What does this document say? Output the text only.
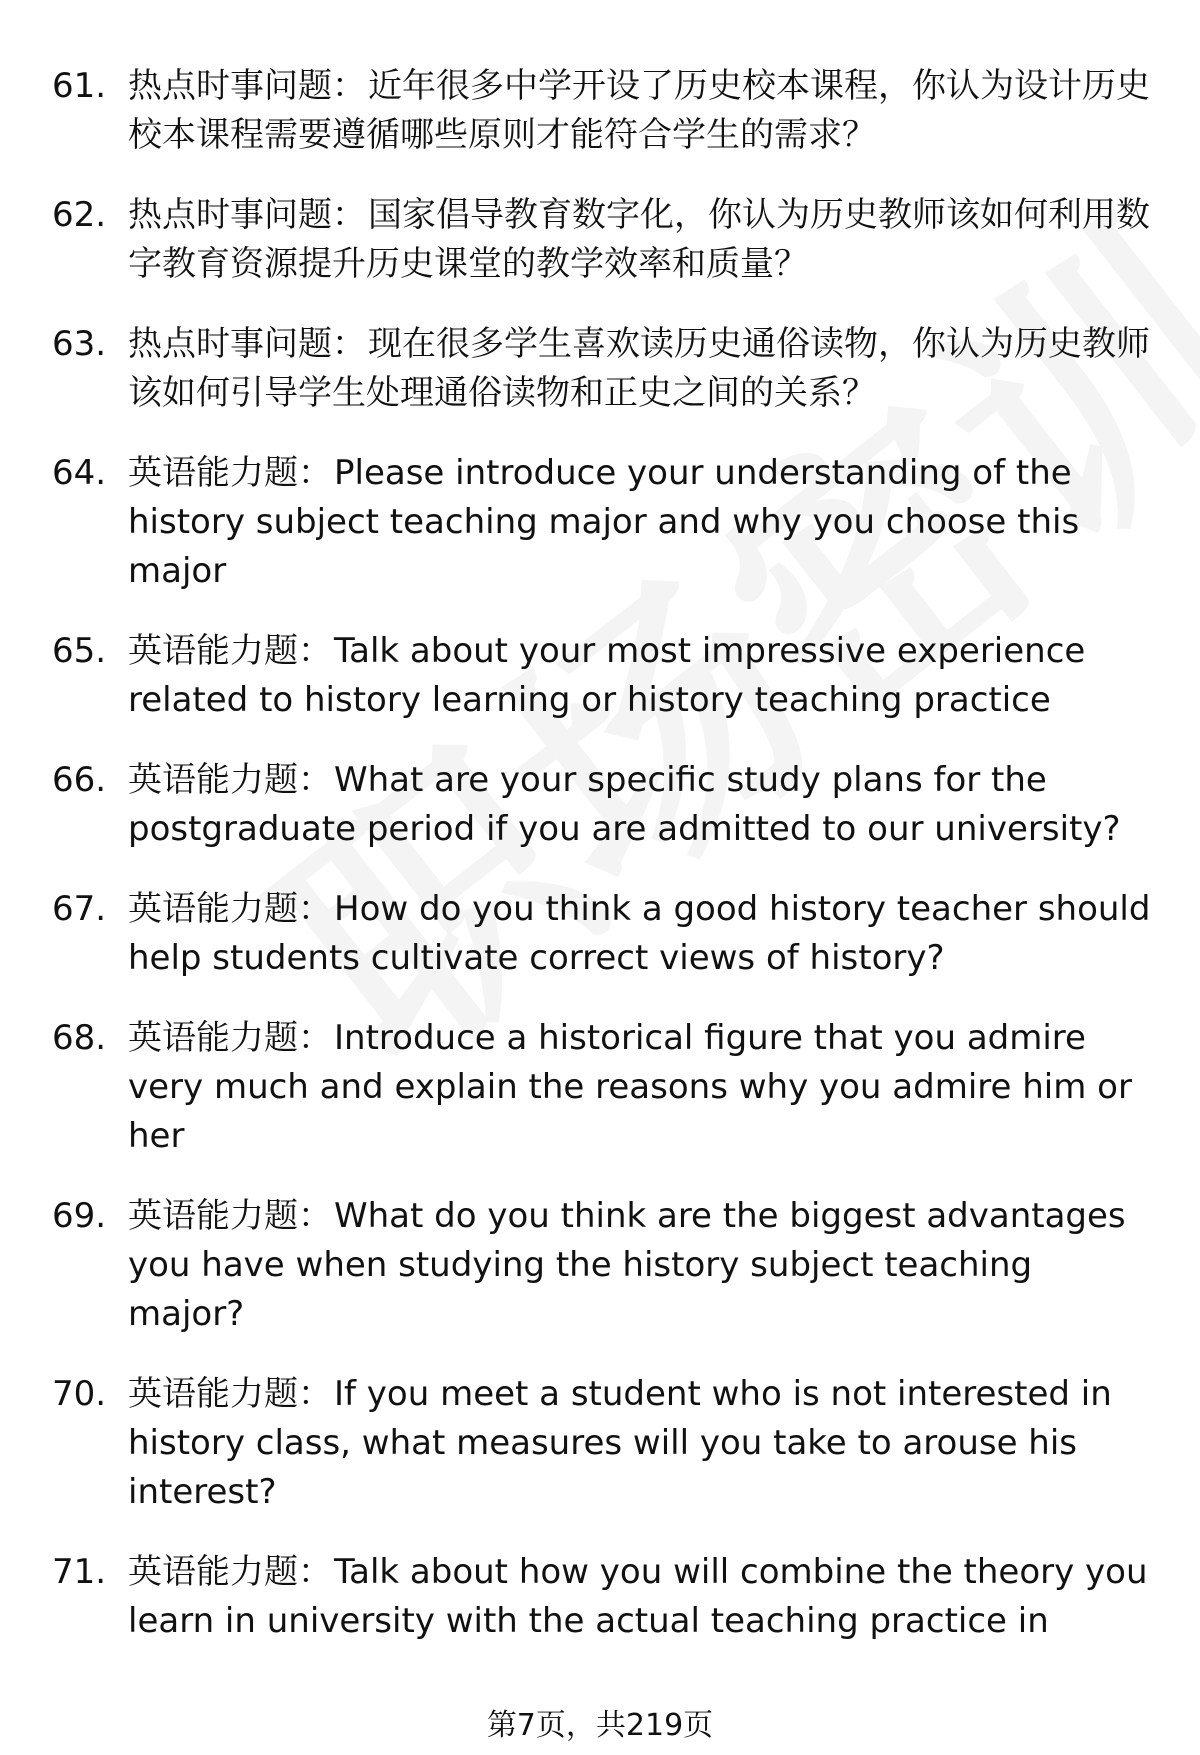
61. 热点时事问题：近年很多中学开设了历史校本课程，你认为设计历史校本课程需要遵循哪些原则才能符合学生的需求？
62. 热点时事问题：国家倡导教育数字化，你认为历史教师该如何利用数字教育资源提升历史课堂的教学效率和质量？
63. 热点时事问题：现在很多学生喜欢读历史通俗读物，你认为历史教师该如何引导学生处理通俗读物和正史之间的关系？
64. 英语能力题：Please introduce your understanding of the history subject teaching major and why you choose this major
65. 英语能力题：Talk about your most impressive experience related to history learning or history teaching practice
66. 英语能力题：What are your specific study plans for the postgraduate period if you are admitted to our university?
67. 英语能力题：How do you think a good history teacher should help students cultivate correct views of history?
68. 英语能力题：Introduce a historical figure that you admire very much and explain the reasons why you admire him or her
69. 英语能力题：What do you think are the biggest advantages you have when studying the history subject teaching major?
70. 英语能力题：If you meet a student who is not interested in history class, what measures will you take to arouse his interest?
71. 英语能力题：Talk about how you will combine the theory you learn in university with the actual teaching practice in
第7页，共219页
